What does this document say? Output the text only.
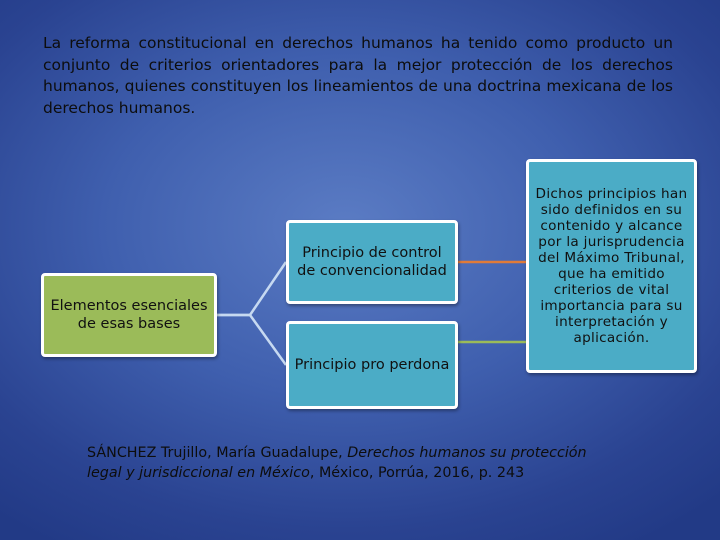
La reforma constitucional en derechos humanos ha tenido como producto un conjunto de criterios orientadores para la mejor protección de los derechos humanos, quienes constituyen los lineamientos de una doctrina mexicana de los derechos humanos.
Elementos esenciales de esas bases
Principio de control de convencionalidad
Principio pro perdona
Dichos principios han sido definidos en su contenido y alcance por la jurisprudencia del Máximo Tribunal, que ha emitido criterios de vital importancia para su interpretación y aplicación.
SÁNCHEZ Trujillo, María Guadalupe, Derechos humanos su protección legal y jurisdiccional en México, México, Porrúa, 2016, p. 243
